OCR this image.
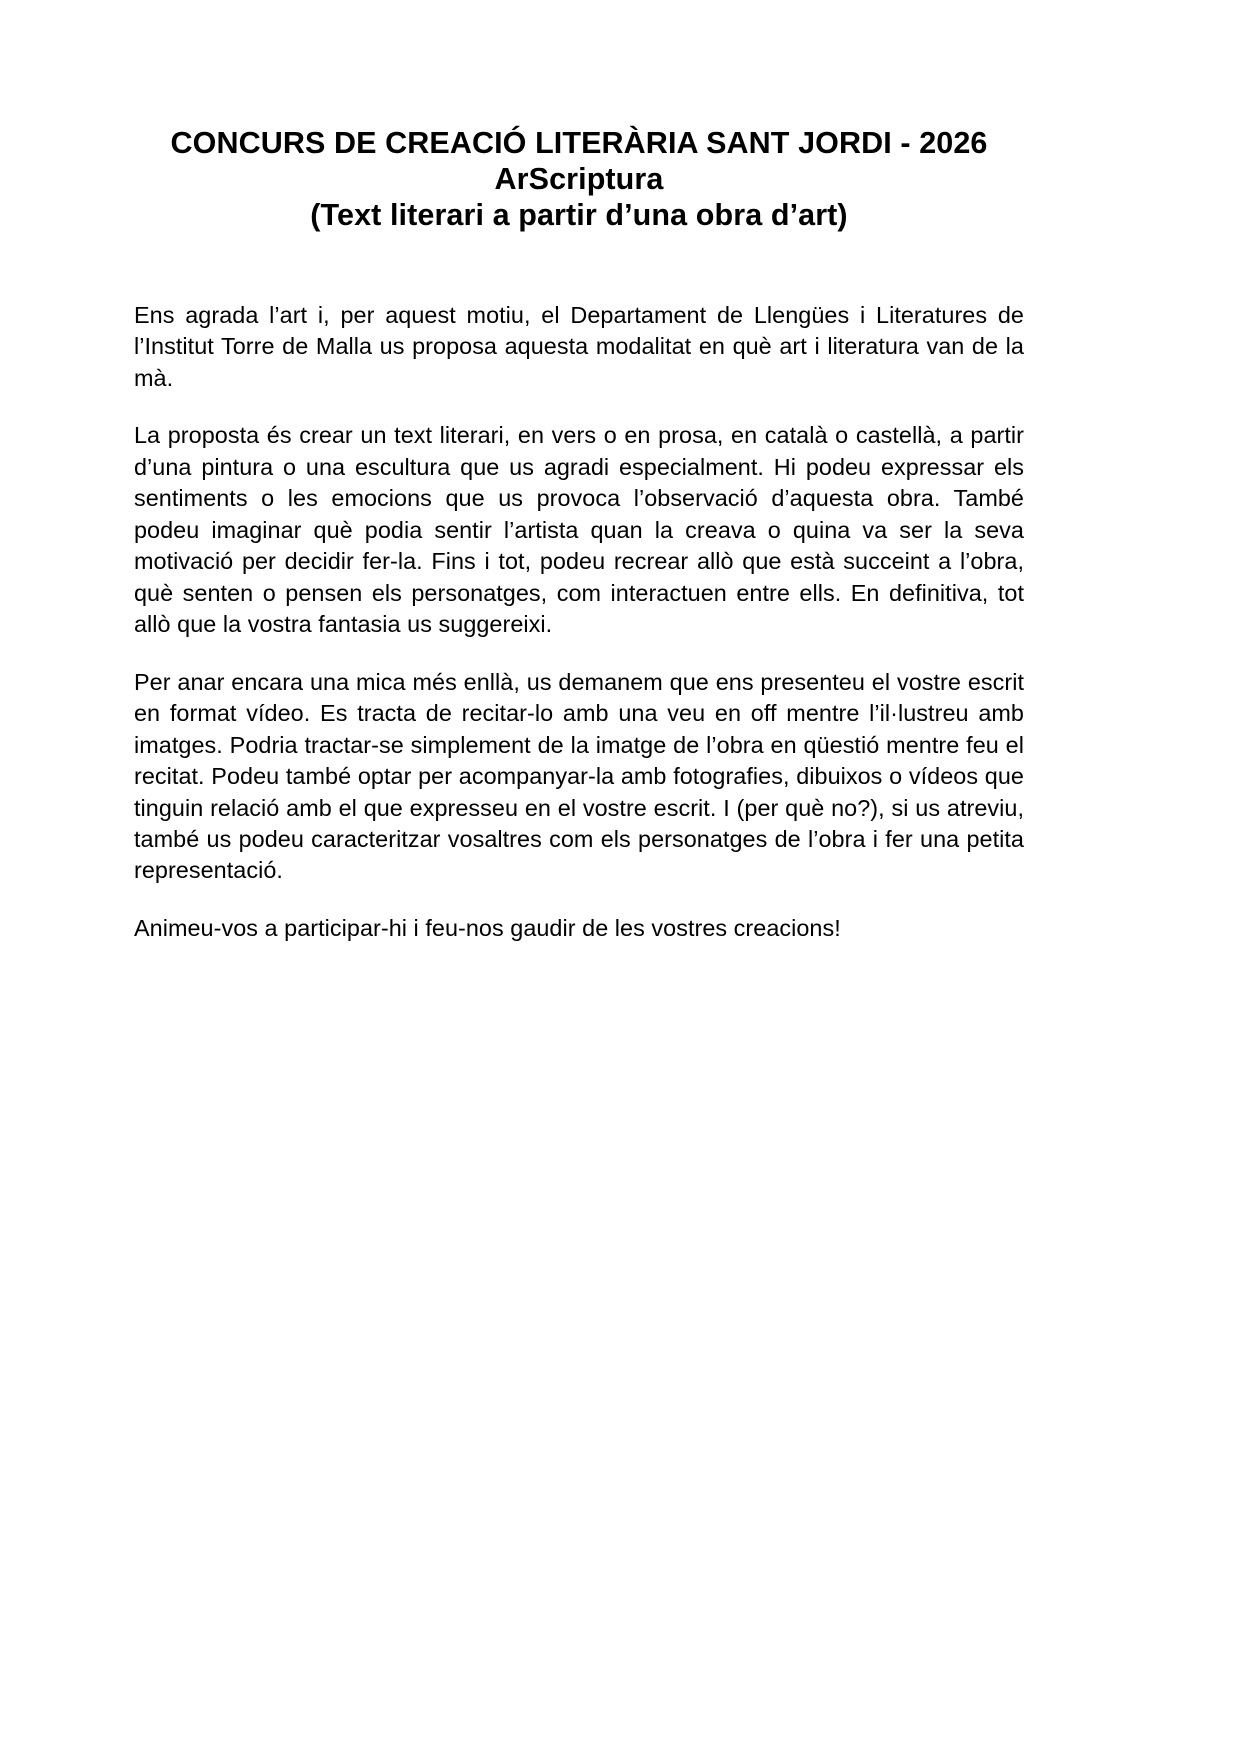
CONCURS DE CREACIÓ LITERÀRIA SANT JORDI - 2026
ArScriptura
(Text literari a partir d’una obra d’art)

Ens agrada l’art i, per aquest motiu, el Departament de Llengües i Literatures de l’Institut Torre de Malla us proposa aquesta modalitat en què art i literatura van de la mà.

La proposta és crear un text literari, en vers o en prosa, en català o castellà, a partir d’una pintura o una escultura que us agradi especialment. Hi podeu expressar els sentiments o les emocions que us provoca l’observació d’aquesta obra. També podeu imaginar què podia sentir l’artista quan la creava o quina va ser la seva motivació per decidir fer-la. Fins i tot, podeu recrear allò que està succeint a l’obra, què senten o pensen els personatges, com interactuen entre ells. En definitiva, tot allò que la vostra fantasia us suggereixi.

Per anar encara una mica més enllà, us demanem que ens presenteu el vostre escrit en format vídeo. Es tracta de recitar-lo amb una veu en off mentre l’il·lustreu amb imatges. Podria tractar-se simplement de la imatge de l’obra en qüestió mentre feu el recitat. Podeu també optar per acompanyar-la amb fotografies, dibuixos o vídeos que tinguin relació amb el que expresseu en el vostre escrit. I (per què no?), si us atreviu, també us podeu caracteritzar vosaltres com els personatges de l’obra i fer una petita representació.

Animeu-vos a participar-hi i feu-nos gaudir de les vostres creacions!
